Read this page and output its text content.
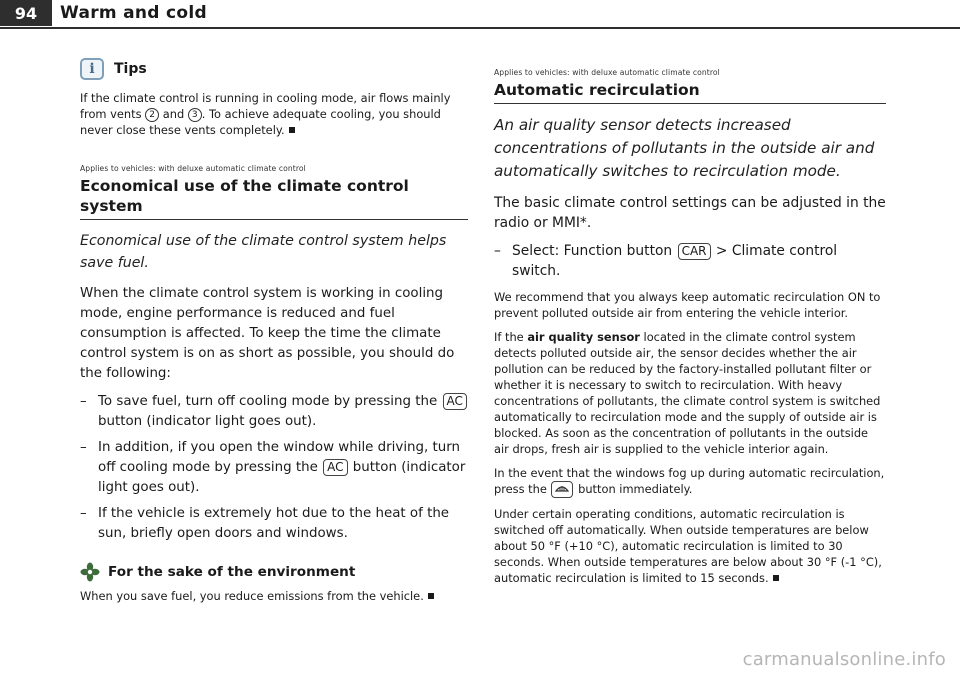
94	Warm and cold
i	Tips

If the climate control is running in cooling mode, air flows mainly from vents 2 and 3 . To achieve adequate cooling, you should never close these vents completely.

Applies to vehicles: with deluxe automatic climate control
Economical use of the climate control system

Economical use of the climate control system helps save fuel.

When the climate control system is working in cooling mode, engine performance is reduced and fuel consumption is affected. To keep the time the climate control system is on as short as possible, you should do the following:

– To save fuel, turn off cooling mode by pressing the AC button (indicator light goes out).
– In addition, if you open the window while driving, turn off cooling mode by pressing the AC button (indicator light goes out).
– If the vehicle is extremely hot due to the heat of the sun, briefly open doors and windows.
For the sake of the environment

When you save fuel, you reduce emissions from the vehicle.

Applies to vehicles: with deluxe automatic climate control
Automatic recirculation

An air quality sensor detects increased concentrations of pollutants in the outside air and automatically switches to recirculation mode.

The basic climate control settings can be adjusted in the radio or MMI*.

– Select: Function button CAR > Climate control switch.

We recommend that you always keep automatic recirculation ON to prevent polluted outside air from entering the vehicle interior.

If the air quality sensor located in the climate control system detects polluted outside air, the sensor decides whether the air pollution can be reduced by the factory-installed pollutant filter or whether it is necessary to switch to recirculation. With heavy concentrations of pollutants, the climate control system is switched automatically to recirculation mode and the supply of outside air is blocked. As soon as the concentration of pollutants in the outside air drops, fresh air is supplied to the vehicle interior again.

In the event that the windows fog up during automatic recirculation, press the  button immediately.

Under certain operating conditions, automatic recirculation is switched off automatically. When outside temperatures are below about 50 °F (+10 °C), automatic recirculation is limited to 30 seconds. When outside temperatures are below about 30 °F (-1 °C), automatic recirculation is limited to 15 seconds.

carmanualsonline.info
